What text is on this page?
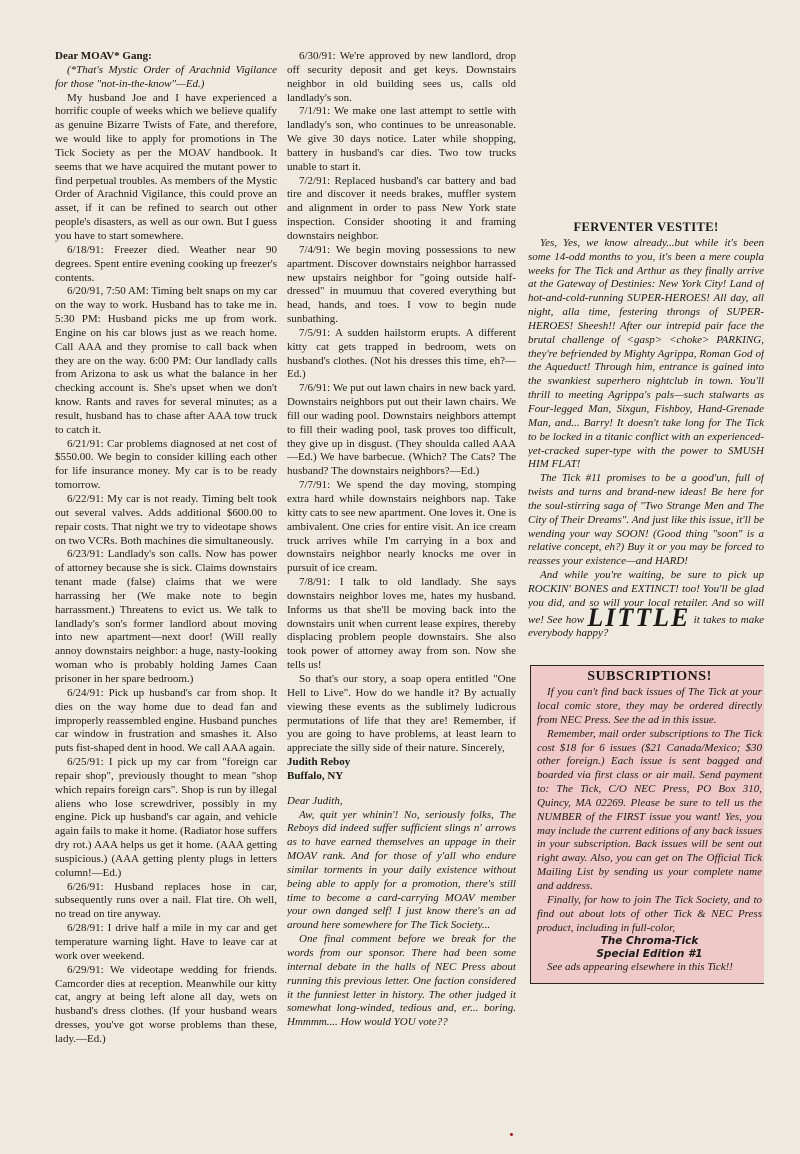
Dear MOAV* Gang:

(*That's Mystic Order of Arachnid Vigilance for those "not-in-the-know"—Ed.)

My husband Joe and I have experienced a horrific couple of weeks which we believe qualify as genuine Bizarre Twists of Fate, and therefore, we would like to apply for promotions in The Tick Society as per the MOAV handbook. It seems that we have acquired the mutant power to find perpetual troubles. As members of the Mystic Order of Arachnid Vigilance, this could prove an asset, if it can be refined to search out other people's disasters, as well as our own. But I guess you have to start somewhere.

6/18/91: Freezer died. Weather near 90 degrees. Spent entire evening cooking up freezer's contents.

6/20/91, 7:50 AM: Timing belt snaps on my car on the way to work. Husband has to take me in. 5:30 PM: Husband picks me up from work. Engine on his car blows just as we reach home. Call AAA and they promise to call back when they are on the way. 6:00 PM: Our landlady calls from Arizona to ask us what the balance in her checking account is. She's upset when we don't know. Rants and raves for several minutes; as a result, husband has to chase after AAA tow truck to catch it.

6/21/91: Car problems diagnosed at net cost of $550.00. We begin to consider killing each other for life insurance money. My car is to be ready tomorrow.

6/22/91: My car is not ready. Timing belt took out several valves. Adds additional $600.00 to repair costs. That night we try to videotape shows on two VCRs. Both machines die simultaneously.

6/23/91: Landlady's son calls. Now has power of attorney because she is sick. Claims downstairs tenant made (false) claims that we were harrassing her (We make note to begin harrassment.) Threatens to evict us. We talk to landlady's son's former landlord about moving into new apartment—next door! (Will really annoy downstairs neighbor: a huge, nasty-looking woman who is probably holding James Caan prisoner in her spare bedroom.)

6/24/91: Pick up husband's car from shop. It dies on the way home due to dead fan and improperly reassembled engine. Husband punches car window in frustration and smashes it. Also puts fist-shaped dent in hood. We call AAA again.

6/25/91: I pick up my car from "foreign car repair shop", previously thought to mean "shop which repairs foreign cars". Shop is run by illegal aliens who lose screwdriver, possibly in my engine. Pick up husband's car again, and vehicle again fails to make it home. (Radiator hose suffers dry rot.) AAA helps us get it home. (AAA getting suspicious.) (AAA getting plenty plugs in letters column!—Ed.)

6/26/91: Husband replaces hose in car, subsequently runs over a nail. Flat tire. Oh well, no tread on tire anyway.

6/28/91: I drive half a mile in my car and get temperature warning light. Have to leave car at work over weekend.

6/29/91: We videotape wedding for friends. Camcorder dies at reception. Meanwhile our kitty cat, angry at being left alone all day, wets on husband's dress clothes. (If your husband wears dresses, you've got worse problems than these, lady.—Ed.)

6/30/91: We're approved by new landlord, drop off security deposit and get keys. Downstairs neighbor in old building sees us, calls old landlady's son.

7/1/91: We make one last attempt to settle with landlady's son, who continues to be unreasonable. We give 30 days notice. Later while shopping, battery in husband's car dies. Two tow trucks unable to start it.

7/2/91: Replaced husband's car battery and bad tire and discover it needs brakes, muffler system and alignment in order to pass New York state inspection. Consider shooting it and framing downstairs neighbor.

7/4/91: We begin moving possessions to new apartment. Discover downstairs neighbor harrassed new upstairs neighbor for "going outside half-dressed" in muumuu that covered everything but head, hands, and toes. I vow to begin nude sunbathing.

7/5/91: A sudden hailstorm erupts. A different kitty cat gets trapped in bedroom, wets on husband's clothes. (Not his dresses this time, eh?—Ed.)

7/6/91: We put out lawn chairs in new back yard. Downstairs neighbors put out their lawn chairs. We fill our wading pool. Downstairs neighbors attempt to fill their wading pool, task proves too difficult, they give up in disgust. (They shoulda called AAA—Ed.) We have barbecue. (Which? The Cats? The husband? The downstairs neighbors?—Ed.)

7/7/91: We spend the day moving, stomping extra hard while downstairs neighbors nap. Take kitty cats to see new apartment. One loves it. One is ambivalent. One cries for entire visit. An ice cream truck arrives while I'm carrying in a box and downstairs neighbor nearly knocks me over in pursuit of ice cream.

7/8/91: I talk to old landlady. She says downstairs neighbor loves me, hates my husband. Informs us that she'll be moving back into the downstairs unit when current lease expires, thereby displacing problem people downstairs. She also took power of attorney away from son. Now she tells us!

So that's our story, a soap opera entitled "One Hell to Live". How do we handle it? By actually viewing these events as the sublimely ludicrous permutations of life that they are! Remember, if you are going to have problems, at least learn to appreciate the silly side of their nature. Sincerely,

Judith Reboy

Buffalo, NY

Dear Judith,

Aw, quit yer whinin'! No, seriously folks, The Reboys did indeed suffer sufficient slings n' arrows as to have earned themselves an uppage in their MOAV rank. And for those of y'all who endure similar torments in your daily existence without being able to apply for a promotion, there's still time to become a card-carrying MOAV member your own danged self! I just know there's an ad around here somewhere for The Tick Society...

One final comment before we break for the words from our sponsor. There had been some internal debate in the halls of NEC Press about running this previous letter. One faction considered it the funniest letter in history. The other judged it somewhat long-winded, tedious and, er... boring. Hmmmm.... How would YOU vote??

FERVENTER VESTITE!

Yes, Yes, we know already...but while it's been some 14-odd months to you, it's been a mere coupla weeks for The Tick and Arthur as they finally arrive at the Gateway of Destinies: New York City! Land of hot-and-cold-running SUPER-HEROES! All day, all night, alla time, festering throngs of SUPER-HEROES! Sheesh!! After our intrepid pair face the brutal challenge of <gasp> <choke> PARKING, they're befriended by Mighty Agrippa, Roman God of the Aqueduct! Through him, entrance is gained into the swankiest superhero nightclub in town. You'll thrill to meeting Agrippa's pals—such stalwarts as Four-legged Man, Sixgun, Fishboy, Hand-Grenade Man, and... Barry! It doesn't take long for The Tick to be locked in a titanic conflict with an experienced-yet-cracked super-type with the power to SMUSH HIM FLAT!

The Tick #11 promises to be a good'un, full of twists and turns and brand-new ideas! Be here for the soul-stirring saga of "Two Strange Men and The City of Their Dreams". And just like this issue, it'll be wending your way SOON! (Good thing "soon" is a relative concept, eh?) Buy it or you may be forced to reasses your existence—and HARD!

And while you're waiting, be sure to pick up ROCKIN' BONES and EXTINCT! too! You'll be glad you did, and so will your local retailer. And so will we! See how LITTLE it takes to make everybody happy?

SUBSCRIPTIONS!

If you can't find back issues of The Tick at your local comic store, they may be ordered directly from NEC Press. See the ad in this issue.

Remember, mail order subscriptions to The Tick cost $18 for 6 issues ($21 Canada/Mexico; $30 other foreign.) Each issue is sent bagged and boarded via first class or air mail. Send payment to: The Tick, C/O NEC Press, PO Box 310, Quincy, MA 02269. Please be sure to tell us the NUMBER of the FIRST issue you want! Yes, you may include the current editions of any back issues in your subscription. Back issues will be sent out right away. Also, you can get on The Official Tick Mailing List by sending us your complete name and address.

Finally, for how to join The Tick Society, and to find out about lots of other Tick & NEC Press product, including in full-color,

The Chroma-Tick

Special Edition #1

See ads appearing elsewhere in this Tick!!
